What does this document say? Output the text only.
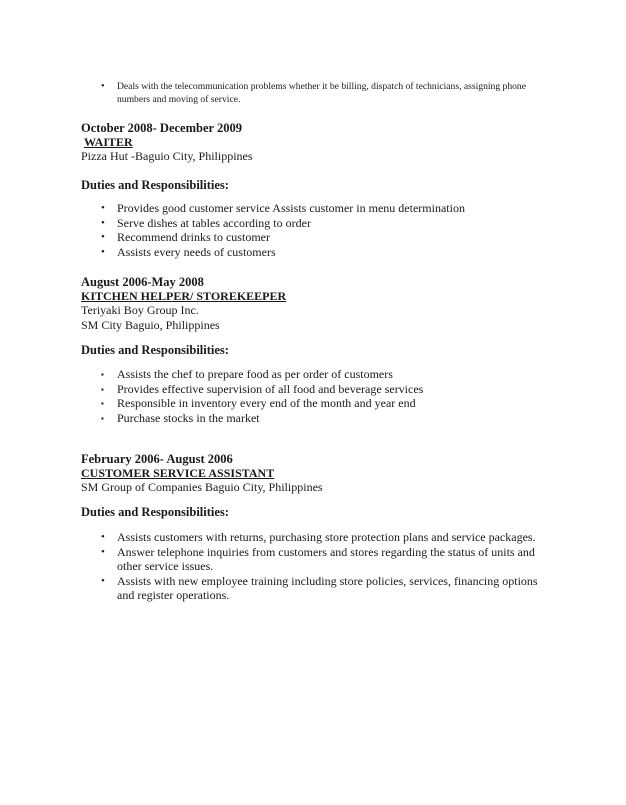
•	Deals with the telecommunication problems whether it be billing, dispatch of technicians, assigning phone numbers and moving of service.

October 2008- December 2009

WAITER

Pizza Hut -Baguio City, Philippines

Duties and Responsibilities:

•	Provides good customer service Assists customer in menu determination
•	Serve dishes at tables according to order
•	Recommend drinks to customer
•	Assists every needs of customers

August 2006-May 2008

KITCHEN HELPER/ STOREKEEPER

Teriyaki Boy Group Inc.

SM City Baguio, Philippines

Duties and Responsibilities:

▪	Assists the chef to prepare food as per order of customers
▪	Provides effective supervision of all food and beverage services
▪	Responsible in inventory every end of the month and year end
▪	Purchase stocks in the market

February 2006- August 2006

CUSTOMER SERVICE ASSISTANT

SM Group of Companies Baguio City, Philippines

Duties and Responsibilities:

•	Assists customers with returns, purchasing store protection plans and service packages.
•	Answer telephone inquiries from customers and stores regarding the status of units and other service issues.
•	Assists with new employee training including store policies, services, financing options and register operations.
